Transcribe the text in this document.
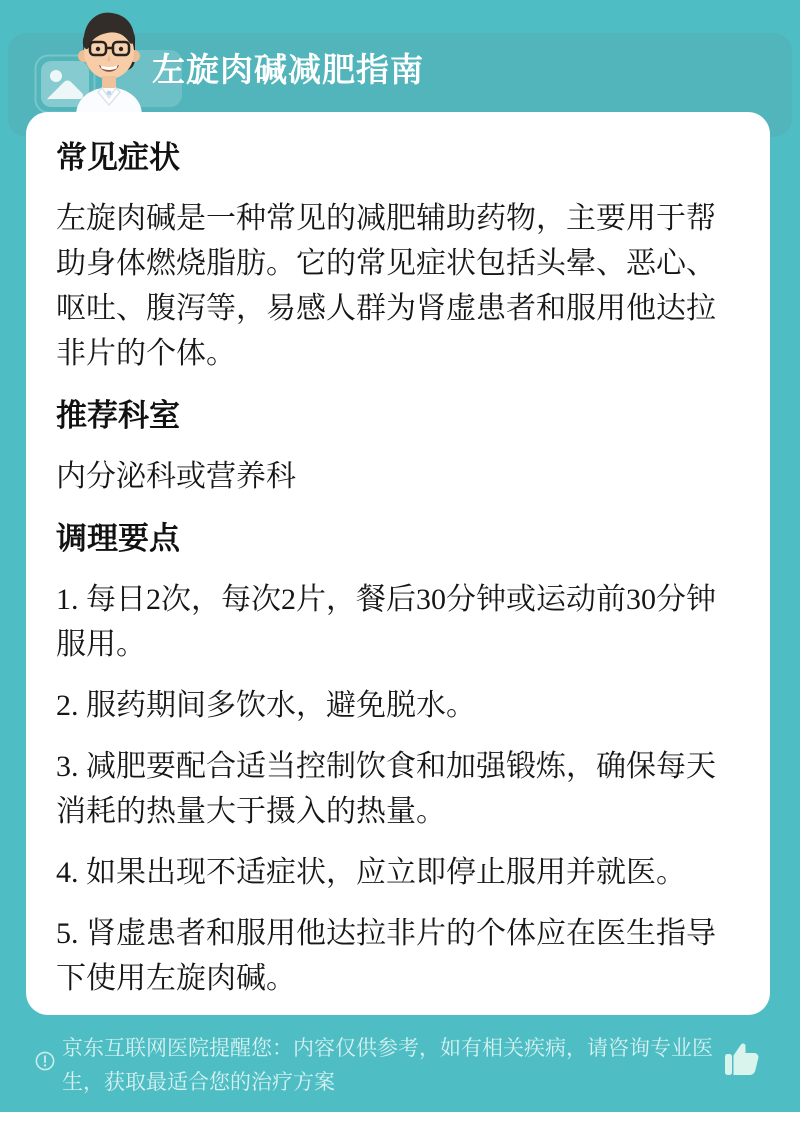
左旋肉碱减肥指南
常见症状

左旋肉碱是一种常见的减肥辅助药物，主要用于帮助身体燃烧脂肪。它的常见症状包括头晕、恶心、呕吐、腹泻等，易感人群为肾虚患者和服用他达拉非片的个体。

推荐科室

内分泌科或营养科

调理要点

1. 每日2次，每次2片，餐后30分钟或运动前30分钟服用。

2. 服药期间多饮水，避免脱水。

3. 减肥要配合适当控制饮食和加强锻炼，确保每天消耗的热量大于摄入的热量。

4. 如果出现不适症状，应立即停止服用并就医。

5. 肾虚患者和服用他达拉非片的个体应在医生指导下使用左旋肉碱。

京东互联网医院提醒您：内容仅供参考，如有相关疾病，请咨询专业医生，获取最适合您的治疗方案
